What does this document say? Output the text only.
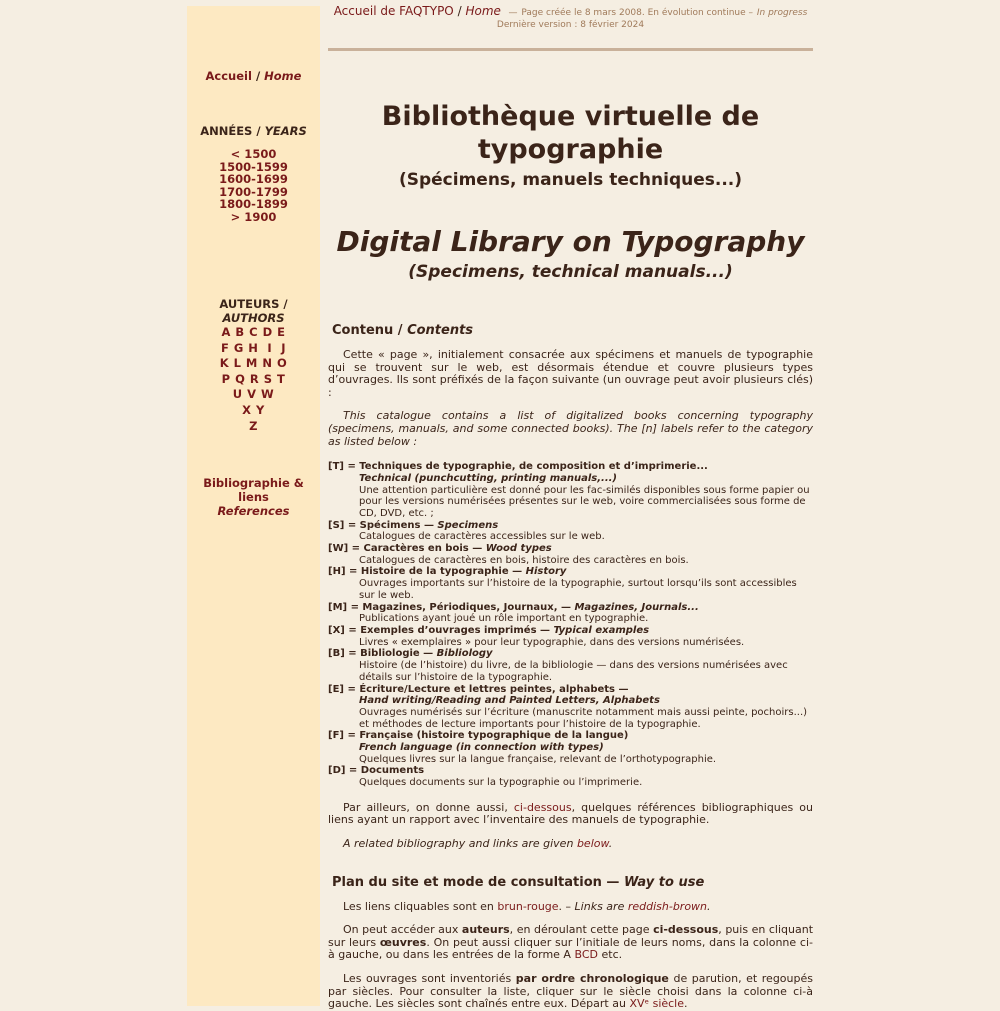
Accueil / Home
ANNÉES / YEARS
< 1500
1500-1599
1600-1699
1700-1799
1800-1899
> 1900
AUTEURS / AUTHORS
A B C D E
F G H  I  J
K L M N O
P Q R S T
U V W
X Y
Z
Bibliographie & liens
References
Accueil de FAQTYPO / Home — Page créée le 8 mars 2008. En évolution continue – In progress
Dernière version : 8 février 2024
Bibliothèque virtuelle de typographie
(Spécimens, manuels techniques...)
Digital Library on Typography
(Specimens, technical manuals...)
Contenu / Contents

Cette « page », initialement consacrée aux spécimens et manuels de typographie qui se trouvent sur le web, est désormais étendue et couvre plusieurs types d’ouvrages. Ils sont préfixés de la façon suivante (un ouvrage peut avoir plusieurs clés) :

This catalogue contains a list of digitalized books concerning typography (specimens, manuals, and some connected books). The [n] labels refer to the category as listed below :

[T] = Techniques de typographie, de composition et d’imprimerie...
Technical (punchcutting, printing manuals,...)
Une attention particulière est donné pour les fac-similés disponibles sous forme papier ou pour les versions numérisées présentes sur le web, voire commercialisées sous forme de CD, DVD, etc. ;
[S] = Spécimens — Specimens
Catalogues de caractères accessibles sur le web.
[W] = Caractères en bois — Wood types
Catalogues de caractères en bois, histoire des caractères en bois.
[H] = Histoire de la typographie — History
Ouvrages importants sur l’histoire de la typographie, surtout lorsqu’ils sont accessibles sur le web.
[M] = Magazines, Périodiques, Journaux, — Magazines, Journals...
Publications ayant joué un rôle important en typographie.
[X] = Exemples d’ouvrages imprimés — Typical examples
Livres « exemplaires » pour leur typographie, dans des versions numérisées.
[B] = Bibliologie — Bibliology
Histoire (de l’histoire) du livre, de la bibliologie — dans des versions numérisées avec détails sur l’histoire de la typographie.
[E] = Écriture/Lecture et lettres peintes, alphabets —
Hand writing/Reading and Painted Letters, Alphabets
Ouvrages numérisés sur l’écriture (manuscrite notamment mais aussi peinte, pochoirs...) et méthodes de lecture importants pour l’histoire de la typographie.
[F] = Française (histoire typographique de la langue)
French language (in connection with types)
Quelques livres sur la langue française, relevant de l’orthotypographie.
[D] = Documents
Quelques documents sur la typographie ou l’imprimerie.

Par ailleurs, on donne aussi, ci-dessous, quelques références bibliographiques ou liens ayant un rapport avec l’inventaire des manuels de typographie.

A related bibliography and links are given below.

Plan du site et mode de consultation — Way to use

Les liens cliquables sont en brun-rouge. – Links are reddish-brown.

On peut accéder aux auteurs, en déroulant cette page ci-dessous, puis en cliquant sur leurs œuvres. On peut aussi cliquer sur l’initiale de leurs noms, dans la colonne ci-à gauche, ou dans les entrées de la forme A BCD etc.

Les ouvrages sont inventoriés par ordre chronologique de parution, et regoupés par siècles. Pour consulter la liste, cliquer sur le siècle choisi dans la colonne ci-à gauche. Les siècles sont chaînés entre eux. Départ au XVᵉ siècle.
